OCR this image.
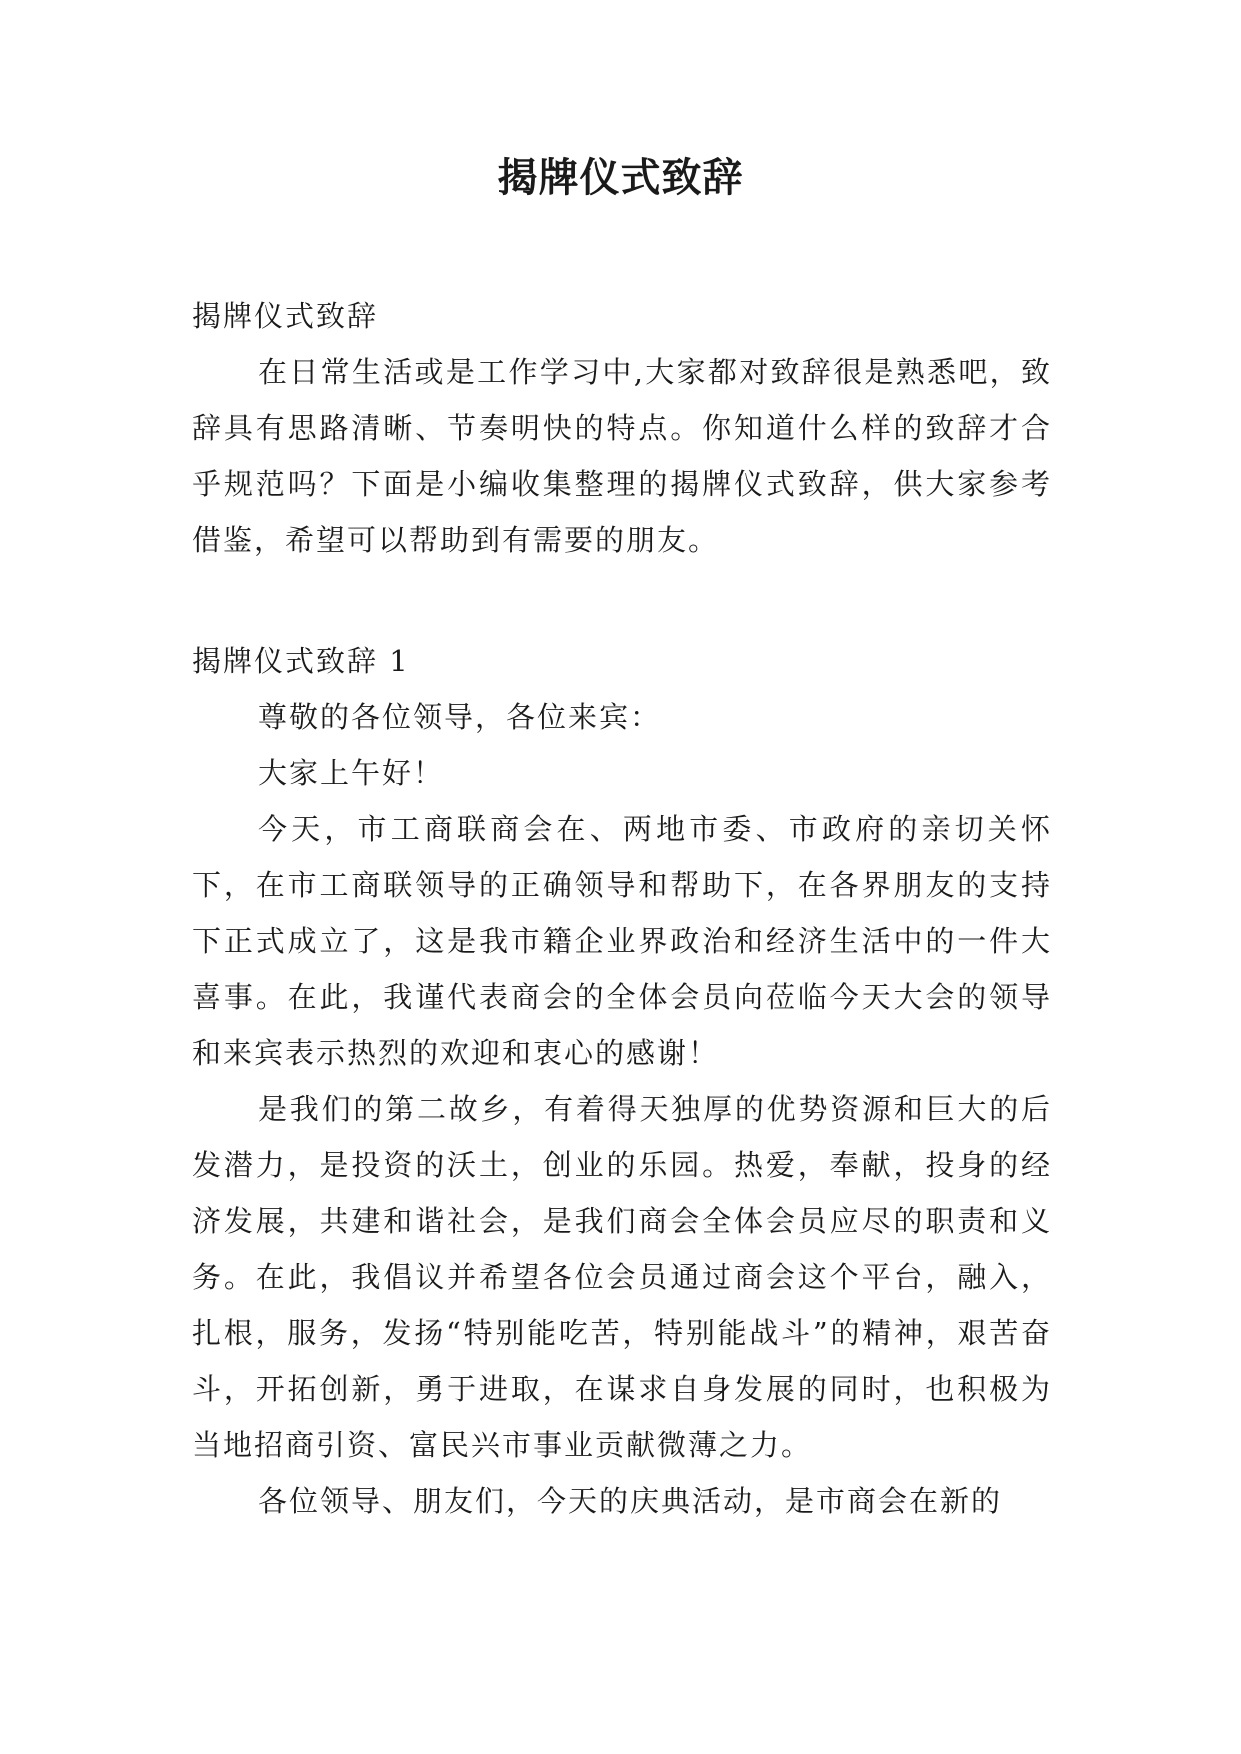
揭牌仪式致辞

揭牌仪式致辞

在日常生活或是工作学习中,大家都对致辞很是熟悉吧，致辞具有思路清晰、节奏明快的特点。你知道什么样的致辞才合乎规范吗？下面是小编收集整理的揭牌仪式致辞，供大家参考借鉴，希望可以帮助到有需要的朋友。

揭牌仪式致辞 1

尊敬的各位领导，各位来宾：

大家上午好！

今天，市工商联商会在、两地市委、市政府的亲切关怀下，在市工商联领导的正确领导和帮助下，在各界朋友的支持下正式成立了，这是我市籍企业界政治和经济生活中的一件大喜事。在此，我谨代表商会的全体会员向莅临今天大会的领导和来宾表示热烈的欢迎和衷心的感谢！

是我们的第二故乡，有着得天独厚的优势资源和巨大的后发潜力，是投资的沃土，创业的乐园。热爱，奉献，投身的经济发展，共建和谐社会，是我们商会全体会员应尽的职责和义务。在此，我倡议并希望各位会员通过商会这个平台，融入，扎根，服务，发扬“特别能吃苦，特别能战斗”的精神，艰苦奋斗，开拓创新，勇于进取，在谋求自身发展的同时，也积极为当地招商引资、富民兴市事业贡献微薄之力。

各位领导、朋友们，今天的庆典活动，是市商会在新的
